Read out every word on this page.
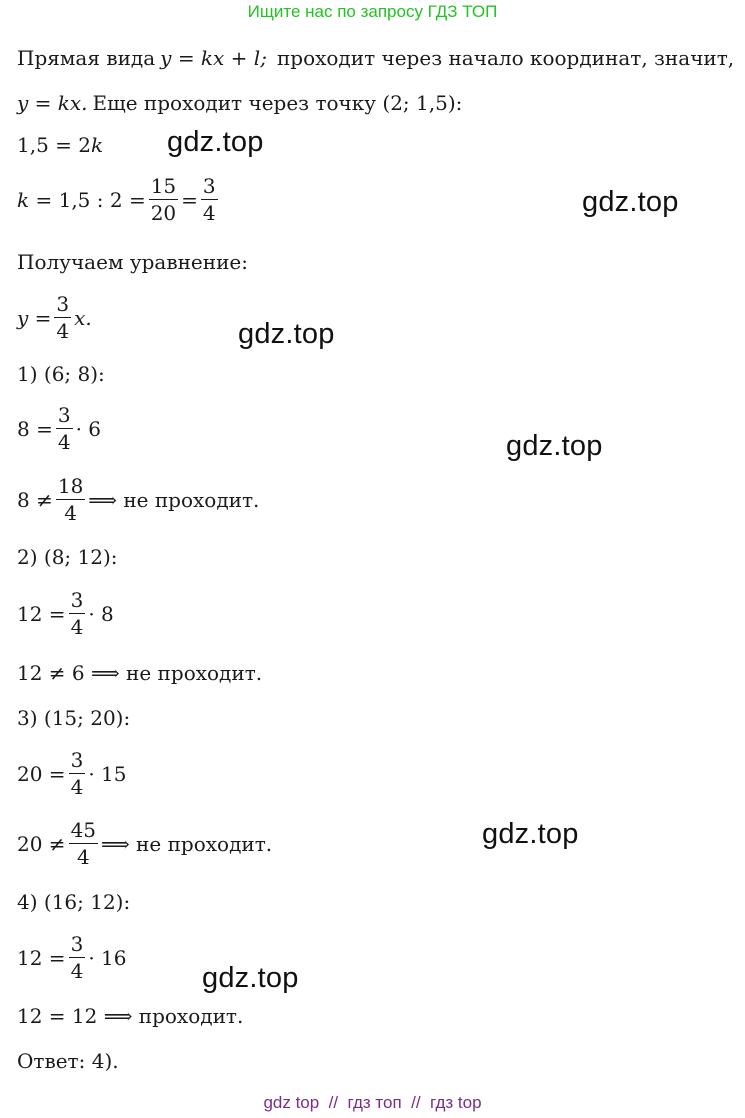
Ищите нас по запросу ГДЗ ТОП
gdz.top
gdz.top
gdz.top
gdz.top
gdz.top
gdz.top
Прямая вида y = kx + l; проходит через начало координат, значит,
y = kx. Еще проходит через точку (2; 1,5):
1,5 = 2 k
k = 1,5 : $2 = \frac{15}{20} = \frac{3}{4}$
Получаем уравнение:
$y = \frac{3}{4} x$.
1) (6; 8):
$8 = \frac{3}{4} \cdot 6$
$8 \ne \frac{18}{4}$ ⟹ не проходит.
2) (8; 12):
$12 = \frac{3}{4} \cdot 8$
12 ≠ 6 ⟹ не проходит.
3) (15; 20):
$20 = \frac{3}{4} \cdot 15$
$20 \ne \frac{45}{4}$ ⟹ не проходит.
4) (16; 12):
$12 = \frac{3}{4} \cdot 16$
12 = 12 ⟹ проходит.
Ответ: 4).
gdz top  //  гдз топ  //  гдз top
